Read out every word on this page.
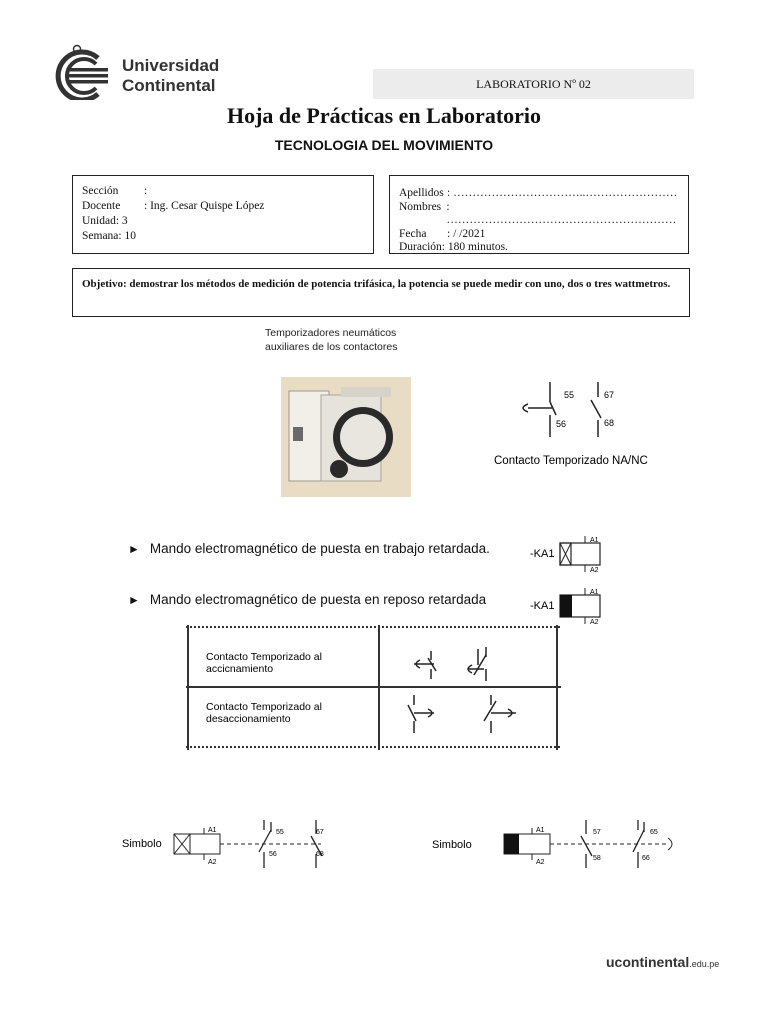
Universidad
Continental	LABORATORIO Nº 02
Hoja de Prácticas en Laboratorio
TECNOLOGIA DEL MOVIMIENTO
Sección	:
Docente	: Ing. Cesar Quispe López
Unidad: 3
Semana: 10
Apellidos : ……………………………..……………………
Nombres : ……………………………………………………
Fecha	: / /2021
Duración: 180 minutos.
Objetivo: demostrar los métodos de medición de potencia trifásica, la potencia se puede medir con uno, dos o tres wattmetros.
Temporizadores neumáticos auxiliares de los contactores
55
56
67
68
Contacto Temporizado NA/NC
► Mando electromagnético de puesta en trabajo retardada.	-KA1
A1
A2
► Mando electromagnético de puesta en reposo retardada	-KA1
A1
A2
Contacto Temporizado al accicnamiento
Contacto Temporizado al desaccionamiento
Simbolo
A1
A2
55
56
67
68
Simbolo
A1
A2
57
58
65
66
ucontinental.edu.pe
